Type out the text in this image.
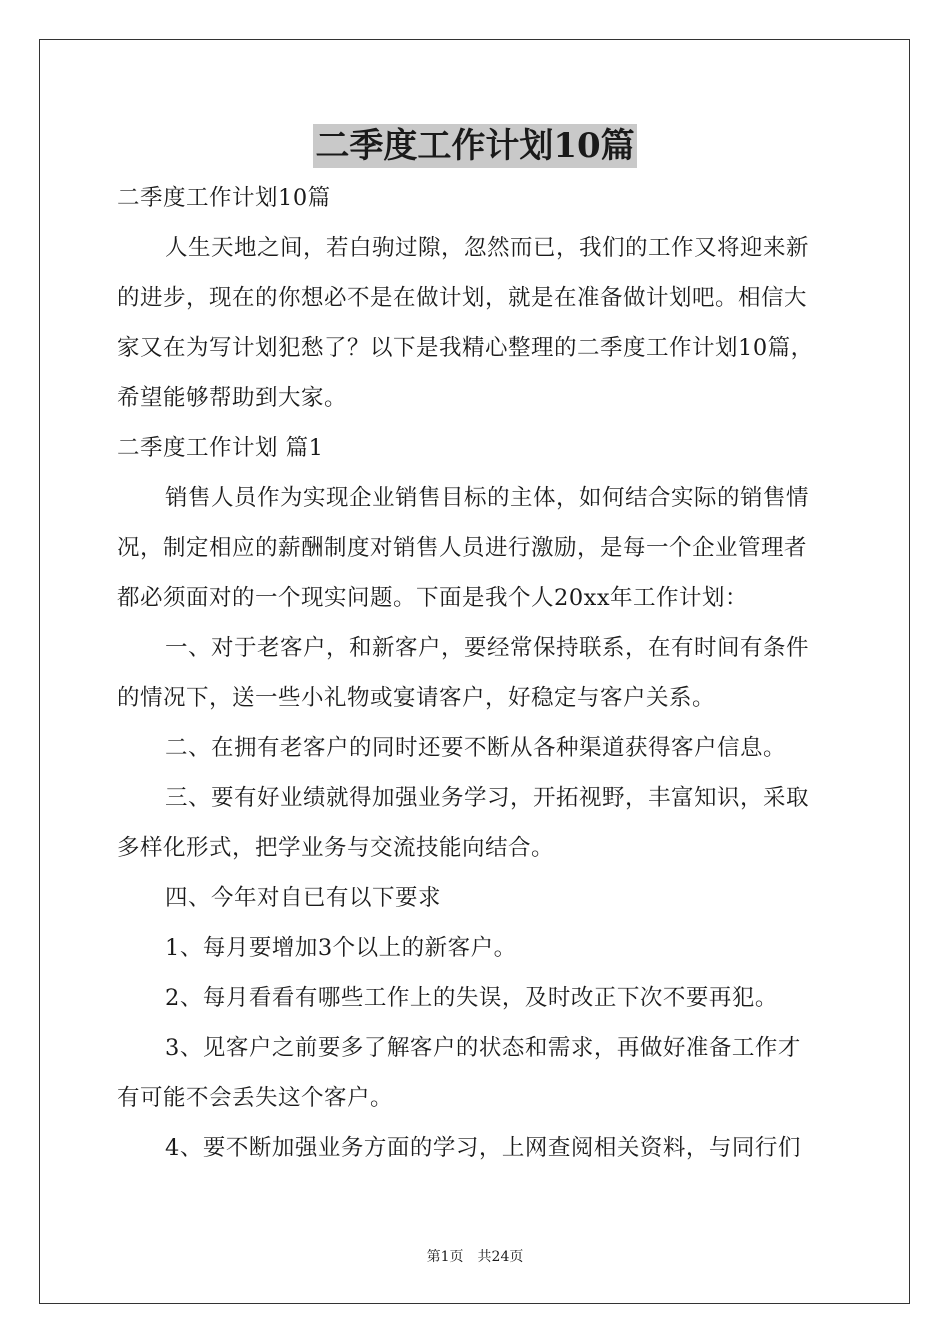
二季度工作计划10篇
二季度工作计划10篇
人生天地之间，若白驹过隙，忽然而已，我们的工作又将迎来新
的进步，现在的你想必不是在做计划，就是在准备做计划吧。相信大
家又在为写计划犯愁了？以下是我精心整理的二季度工作计划10篇，
希望能够帮助到大家。
二季度工作计划 篇1
销售人员作为实现企业销售目标的主体，如何结合实际的销售情
况，制定相应的薪酬制度对销售人员进行激励，是每一个企业管理者
都必须面对的一个现实问题。下面是我个人20xx年工作计划：
一、对于老客户，和新客户，要经常保持联系，在有时间有条件
的情况下，送一些小礼物或宴请客户，好稳定与客户关系。
二、在拥有老客户的同时还要不断从各种渠道获得客户信息。
三、要有好业绩就得加强业务学习，开拓视野，丰富知识，采取
多样化形式，把学业务与交流技能向结合。
四、今年对自已有以下要求
1、每月要增加3个以上的新客户。
2、每月看看有哪些工作上的失误，及时改正下次不要再犯。
3、见客户之前要多了解客户的状态和需求，再做好准备工作才
有可能不会丢失这个客户。
4、要不断加强业务方面的学习，上网查阅相关资料，与同行们
第1页　共24页
